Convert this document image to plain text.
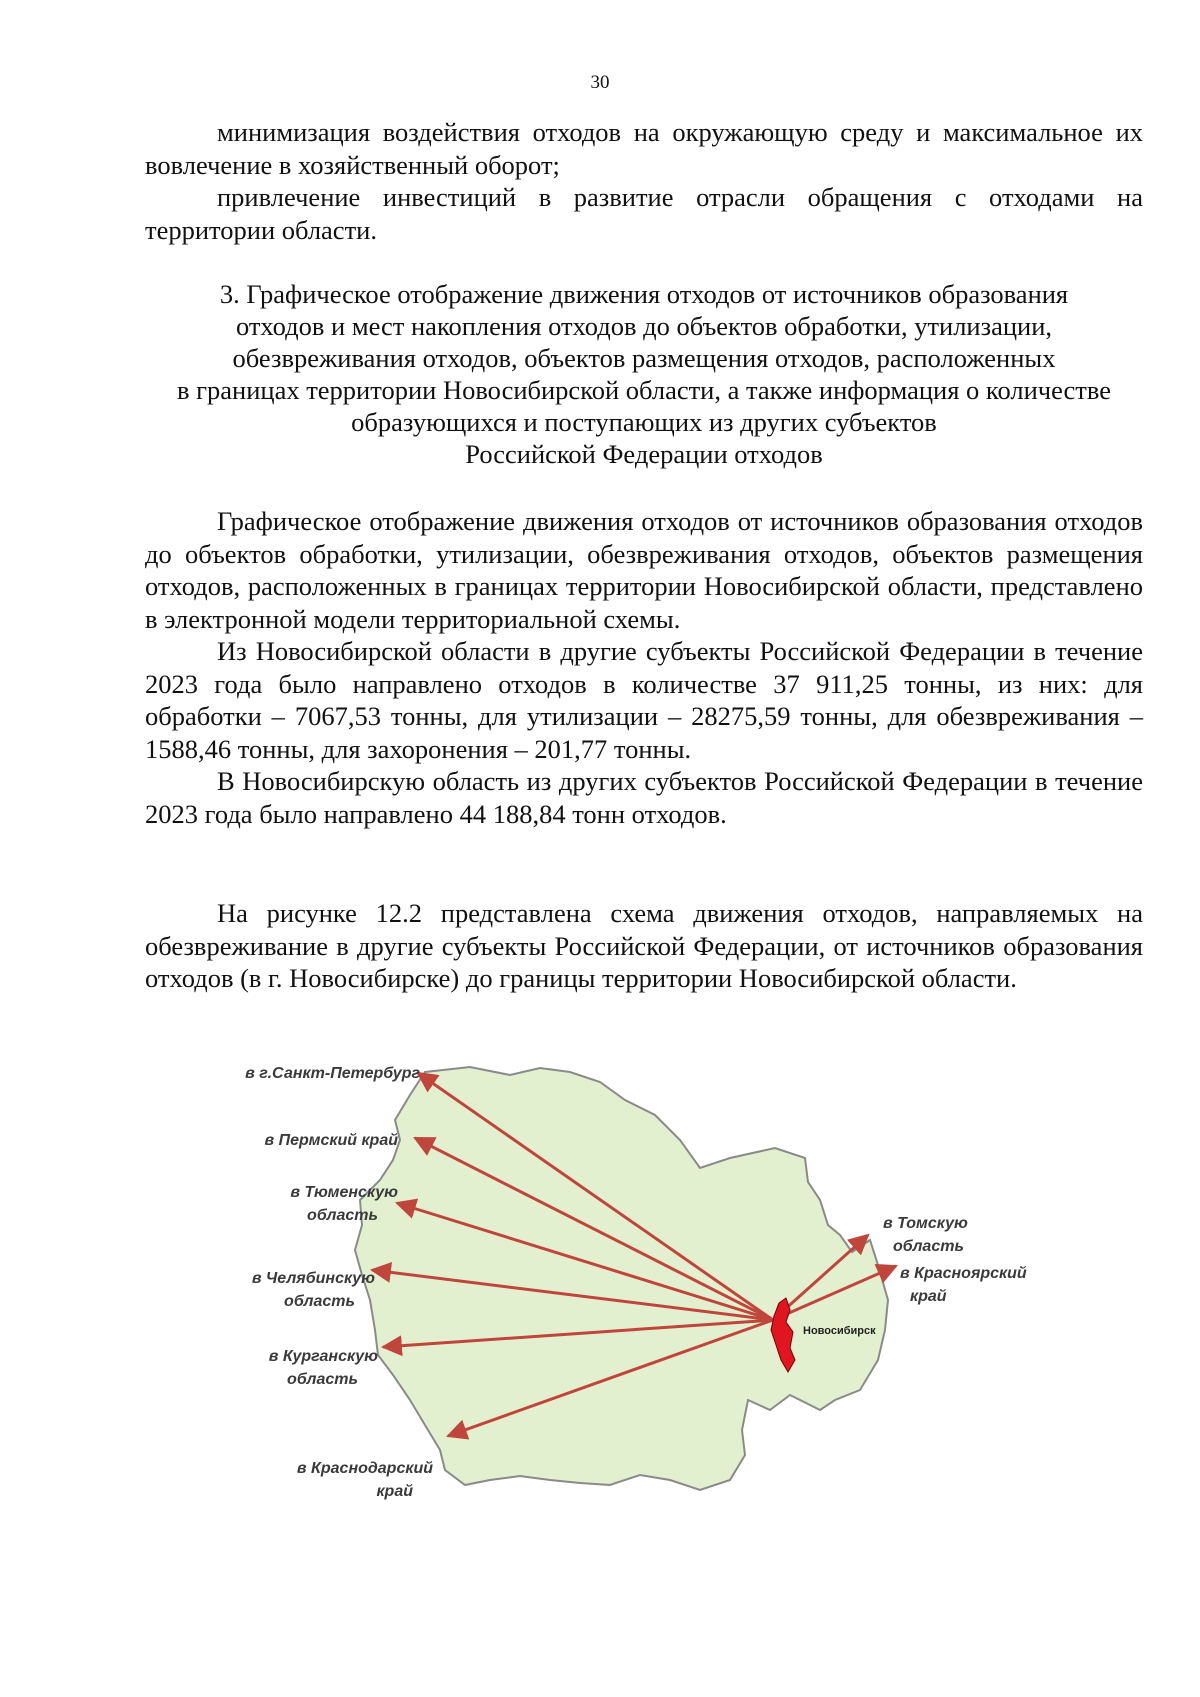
30

минимизация воздействия отходов на окружающую среду и максимальное их вовлечение в хозяйственный оборот;

привлечение инвестиций в развитие отрасли обращения с отходами на территории области.

3. Графическое отображение движения отходов от источников образования
отходов и мест накопления отходов до объектов обработки, утилизации,
обезвреживания отходов, объектов размещения отходов, расположенных
в границах территории Новосибирской области, а также информация о количестве
образующихся и поступающих из других субъектов
Российской Федерации отходов

Графическое отображение движения отходов от источников образования отходов до объектов обработки, утилизации, обезвреживания отходов, объектов размещения отходов, расположенных в границах территории Новосибирской области, представлено в электронной модели территориальной схемы.

Из Новосибирской области в другие субъекты Российской Федерации в течение 2023 года было направлено отходов в количестве 37 911,25 тонны, из них: для обработки – 7067,53 тонны, для утилизации – 28275,59 тонны, для обезвреживания – 1588,46 тонны, для захоронения – 201,77 тонны.

В Новосибирскую область из других субъектов Российской Федерации в течение 2023 года было направлено 44 188,84 тонн отходов.

На рисунке 12.2 представлена схема движения отходов, направляемых на обезвреживание в другие субъекты Российской Федерации, от источников образования отходов (в г. Новосибирске) до границы территории Новосибирской области.

в г.Санкт-Петербург
в Пермский край
в Тюменскую область
в Челябинскую область
в Курганскую область
в Краснодарский край
в Томскую область
в Красноярский край
Новосибирск
